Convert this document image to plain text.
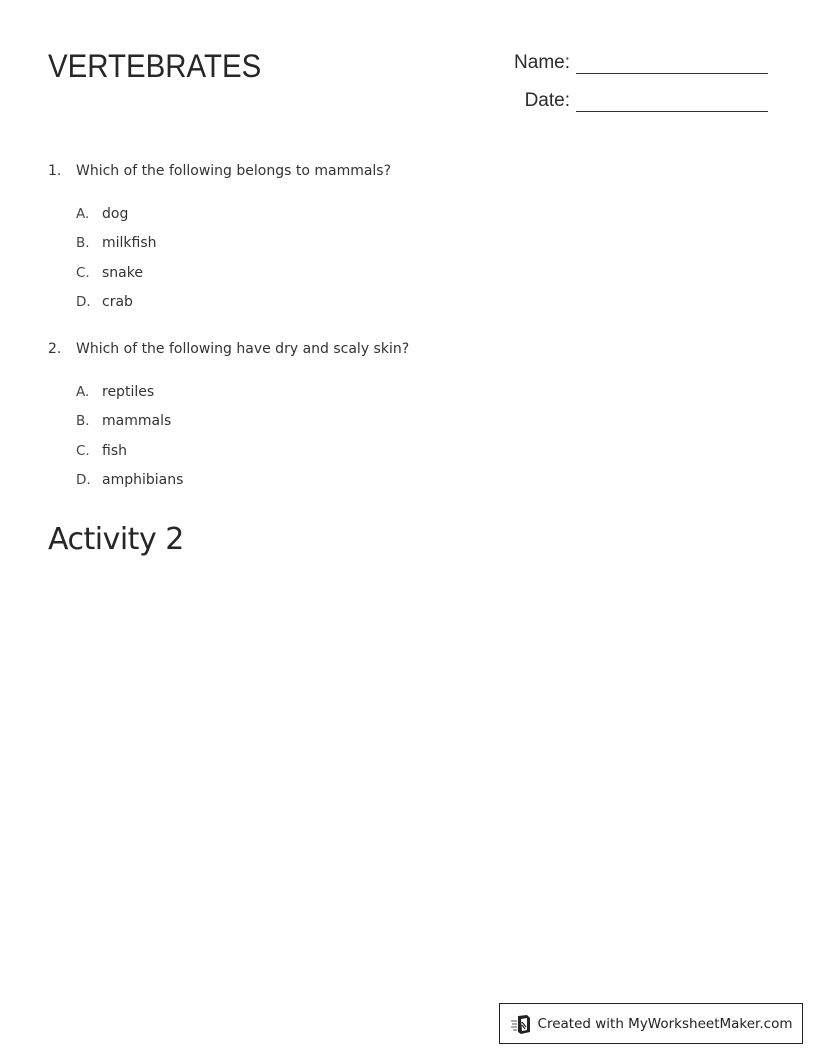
VERTEBRATES	Name:
Date:
1. Which of the following belongs to mammals?
A. dog
B. milkfish
C. snake
D. crab
2. Which of the following have dry and scaly skin?
A. reptiles
B. mammals
C. fish
D. amphibians
Activity 2
Created with MyWorksheetMaker.com
